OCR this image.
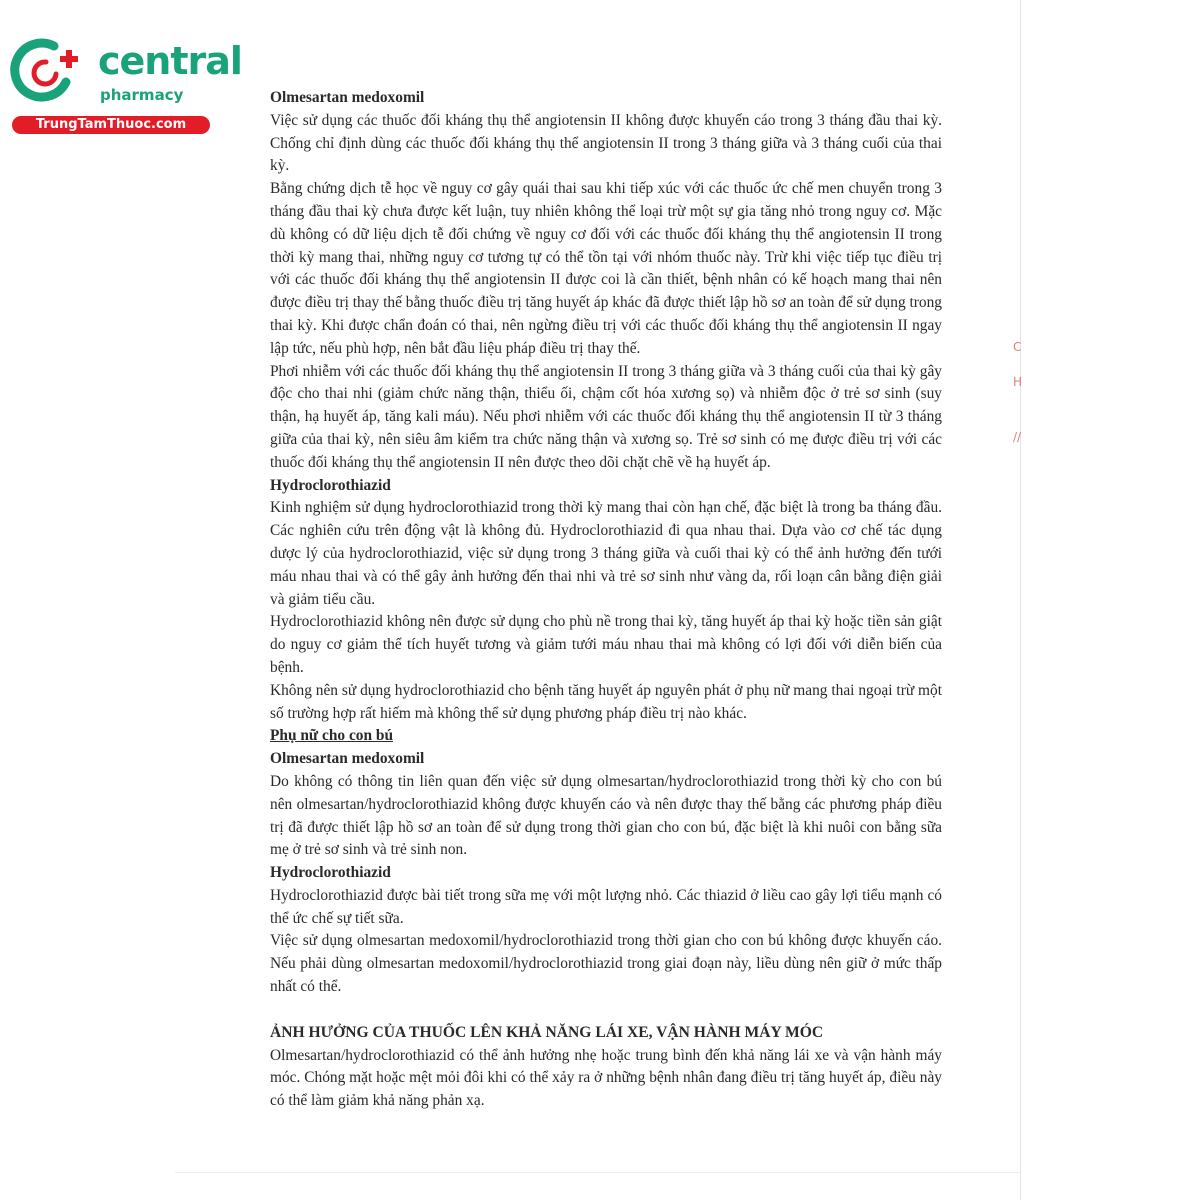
central
pharmacy
TrungTamThuoc.com
C
H
//

Olmesartan medoxomil

Việc sử dụng các thuốc đối kháng thụ thể angiotensin II không được khuyến cáo trong 3 tháng đầu thai kỳ. Chống chỉ định dùng các thuốc đối kháng thụ thể angiotensin II trong 3 tháng giữa và 3 tháng cuối của thai kỳ.

Bằng chứng dịch tễ học về nguy cơ gây quái thai sau khi tiếp xúc với các thuốc ức chế men chuyển trong 3 tháng đầu thai kỳ chưa được kết luận, tuy nhiên không thể loại trừ một sự gia tăng nhỏ trong nguy cơ. Mặc dù không có dữ liệu dịch tễ đối chứng về nguy cơ đối với các thuốc đối kháng thụ thể angiotensin II trong thời kỳ mang thai, những nguy cơ tương tự có thể tồn tại với nhóm thuốc này. Trừ khi việc tiếp tục điều trị với các thuốc đối kháng thụ thể angiotensin II được coi là cần thiết, bệnh nhân có kế hoạch mang thai nên được điều trị thay thế bằng thuốc điều trị tăng huyết áp khác đã được thiết lập hồ sơ an toàn để sử dụng trong thai kỳ. Khi được chẩn đoán có thai, nên ngừng điều trị với các thuốc đối kháng thụ thể angiotensin II ngay lập tức, nếu phù hợp, nên bắt đầu liệu pháp điều trị thay thế.

Phơi nhiễm với các thuốc đối kháng thụ thể angiotensin II trong 3 tháng giữa và 3 tháng cuối của thai kỳ gây độc cho thai nhi (giảm chức năng thận, thiểu ối, chậm cốt hóa xương sọ) và nhiễm độc ở trẻ sơ sinh (suy thận, hạ huyết áp, tăng kali máu). Nếu phơi nhiễm với các thuốc đối kháng thụ thể angiotensin II từ 3 tháng giữa của thai kỳ, nên siêu âm kiểm tra chức năng thận và xương sọ. Trẻ sơ sinh có mẹ được điều trị với các thuốc đối kháng thụ thể angiotensin II nên được theo dõi chặt chẽ về hạ huyết áp.

Hydroclorothiazid

Kinh nghiệm sử dụng hydroclorothiazid trong thời kỳ mang thai còn hạn chế, đặc biệt là trong ba tháng đầu. Các nghiên cứu trên động vật là không đủ. Hydroclorothiazid đi qua nhau thai. Dựa vào cơ chế tác dụng dược lý của hydroclorothiazid, việc sử dụng trong 3 tháng giữa và cuối thai kỳ có thể ảnh hưởng đến tưới máu nhau thai và có thể gây ảnh hưởng đến thai nhi và trẻ sơ sinh như vàng da, rối loạn cân bằng điện giải và giảm tiểu cầu.

Hydroclorothiazid không nên được sử dụng cho phù nề trong thai kỳ, tăng huyết áp thai kỳ hoặc tiền sản giật do nguy cơ giảm thể tích huyết tương và giảm tưới máu nhau thai mà không có lợi đối với diễn biến của bệnh.

Không nên sử dụng hydroclorothiazid cho bệnh tăng huyết áp nguyên phát ở phụ nữ mang thai ngoại trừ một số trường hợp rất hiếm mà không thể sử dụng phương pháp điều trị nào khác.

Phụ nữ cho con bú

Olmesartan medoxomil

Do không có thông tin liên quan đến việc sử dụng olmesartan/hydroclorothiazid trong thời kỳ cho con bú nên olmesartan/hydroclorothiazid không được khuyến cáo và nên được thay thế bằng các phương pháp điều trị đã được thiết lập hồ sơ an toàn để sử dụng trong thời gian cho con bú, đặc biệt là khi nuôi con bằng sữa mẹ ở trẻ sơ sinh và trẻ sinh non.

Hydroclorothiazid

Hydroclorothiazid được bài tiết trong sữa mẹ với một lượng nhỏ. Các thiazid ở liều cao gây lợi tiểu mạnh có thể ức chế sự tiết sữa.

Việc sử dụng olmesartan medoxomil/hydroclorothiazid trong thời gian cho con bú không được khuyến cáo. Nếu phải dùng olmesartan medoxomil/hydroclorothiazid trong giai đoạn này, liều dùng nên giữ ở mức thấp nhất có thể.

ẢNH HƯỞNG CỦA THUỐC LÊN KHẢ NĂNG LÁI XE, VẬN HÀNH MÁY MÓC

Olmesartan/hydroclorothiazid có thể ảnh hưởng nhẹ hoặc trung bình đến khả năng lái xe và vận hành máy móc. Chóng mặt hoặc mệt mỏi đôi khi có thể xảy ra ở những bệnh nhân đang điều trị tăng huyết áp, điều này có thể làm giảm khả năng phản xạ.
